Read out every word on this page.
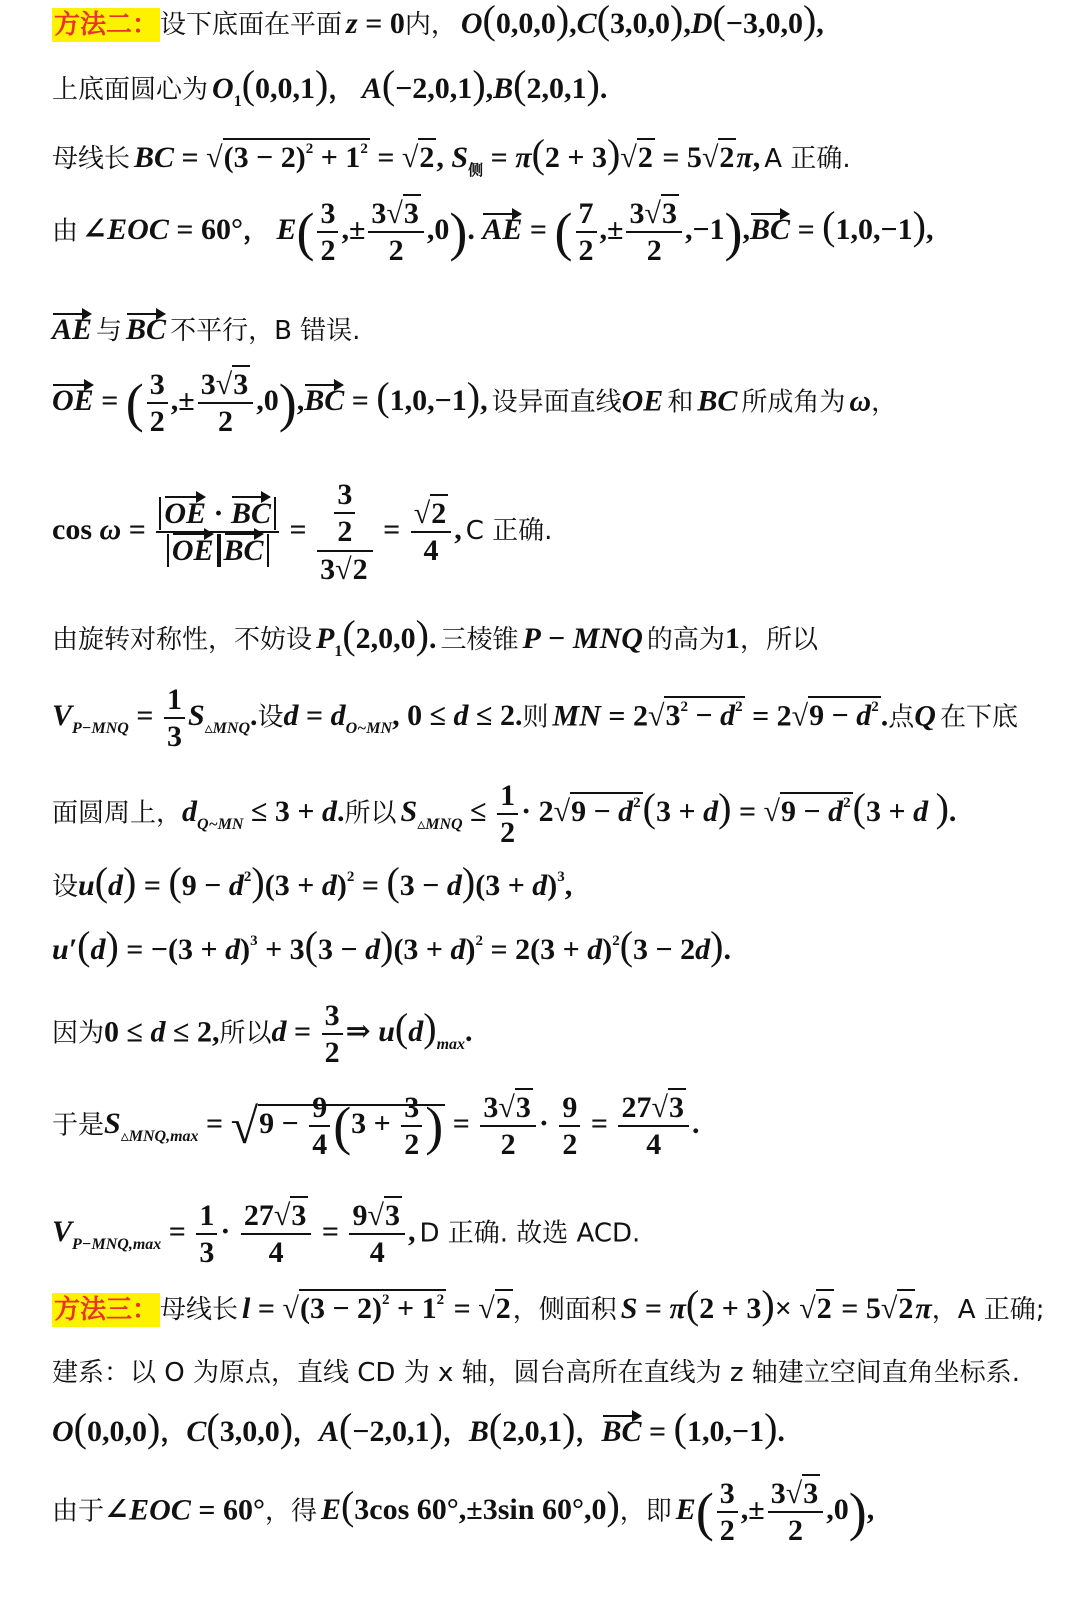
方法二：设下底面在平面 z = 0内， O(0,0,0),C(3,0,0),D(−3,0,0),
上底面圆心为 $O_1(0,0,1)$， A(−2,0,1),B(2,0,1).
母线长 BC = $√(3 - 2)^2 + 1^2 = √2$, $S_侧 = \pi(2 + 3)√2 = 5√2\pi$, A 正确.
由 ∠EOC = 60°， $E( \frac{3}{2}$ ,± $\frac{3√3}{2} ,0$). AE = ( $\frac{7}{2}$ ,± $\frac{3√3}{2} ,-1),BC = (1,0,-1)$,
AE 与 BC 不平行，B 错误.
OE = ( $\frac{3}{2}$ ,± $\frac{3√3}{2} ,0),BC = (1,0,-1)$, 设异面直线OE 和 BC 所成角为 ω，
$\cos \omega = \frac{OE \cdot BC}{\text{OE BC}} = \frac{\frac{3}{2}}{3√2} = \frac{√2}{4}$ , C 正确.
由旋转对称性，不妨设 $P_1(2,0,0)$. 三棱锥 P − MNQ 的高为1，所以
$V_{P-MNQ} = \frac{1}{3} S_{▵MNQ}$.设$d = d_{O\sim MN}$, 0 ≤ d ≤ 2.则 MN = $2√3^2 - d^2 = 2√9 - d^2$.点Q 在下底
面圆周上，$d_{Q\sim MN} \le 3 + d$.所以 $S_{▵MNQ} \le \frac{1}{2} \cdot 2√9 - d^2(3 + d) = √9 - d^2(3 + d$ ).
设$u(d) = (9 - d^2)(3 + d)^2 = (3 - d)(3 + d)^3$,
$u'(d) = -(3 + d)^3 + 3(3 - d)(3 + d)^2 = 2(3 + d)^2(3 - 2d)$.
因为0 ≤ d ≤ 2,所以$d = \frac{3}{2}$ ⇒ $u(d)_{max}$.
于是$S_{▵MNQ,max} = √9 - \frac{9}{4} (3 + \frac{3}{2}$ ) = $\frac{3√3}{2} \cdot \frac{9}{2} = \frac{27√3}{4}$ .
$V_{P-MNQ,max} = \frac{1}{3} \cdot \frac{27√3}{4} = \frac{9√3}{4}$ , D 正确. 故选 ACD.
方法三：母线长 $l = √(3 - 2)^2 + 1^2 = √2$，侧面积 S = π(2 + 3)× √2 = 5√2π，A 正确;
建系：以 O 为原点，直线 CD 为 x 轴，圆台高所在直线为 z 轴建立空间直角坐标系.
O(0,0,0)，C(3,0,0)，A(−2,0,1)，B(2,0,1)，BC = (1,0,−1).
由于∠EOC = 60°，得 E(3cos 60°,±3sin 60°,0)，即 $E( \frac{3}{2}$ ,± $\frac{3√3}{2} ,0$),
